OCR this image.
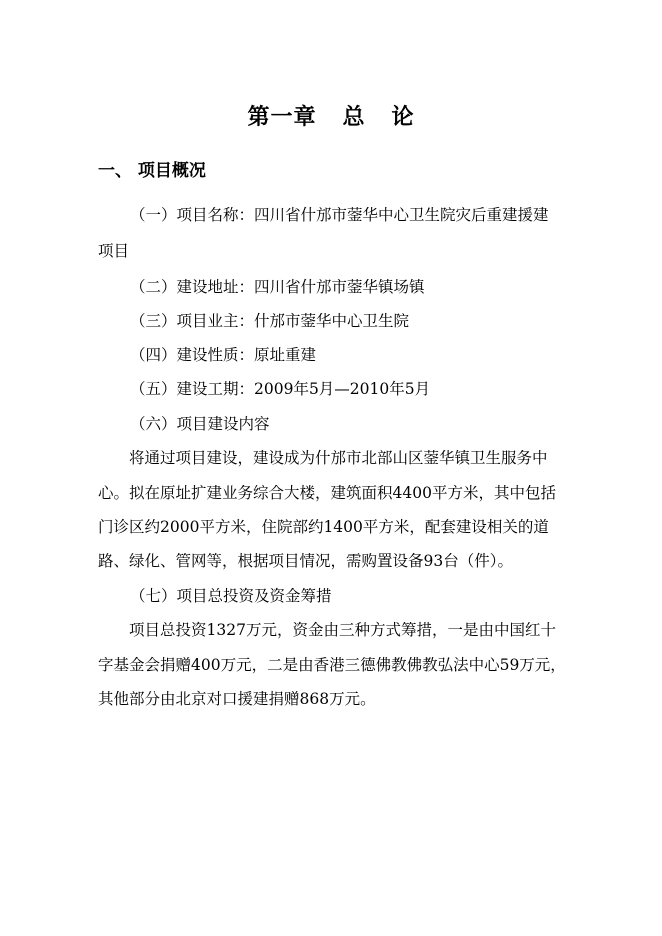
第一章 总 论
一、 项目概况

（一）项目名称：四川省什邡市蓥华中心卫生院灾后重建援建

项目

（二）建设地址：四川省什邡市蓥华镇场镇

（三）项目业主：什邡市蓥华中心卫生院

（四）建设性质：原址重建

（五）建设工期：2009年5月—2010年5月

（六）项目建设内容

将通过项目建设，建设成为什邡市北部山区蓥华镇卫生服务中

心。拟在原址扩建业务综合大楼，建筑面积4400平方米，其中包括

门诊区约2000平方米，住院部约1400平方米，配套建设相关的道

路、绿化、管网等，根据项目情况，需购置设备93台（件）。

（七）项目总投资及资金筹措

项目总投资1327万元，资金由三种方式筹措，一是由中国红十

字基金会捐赠400万元，二是由香港三德佛教佛教弘法中心59万元，

其他部分由北京对口援建捐赠868万元。
